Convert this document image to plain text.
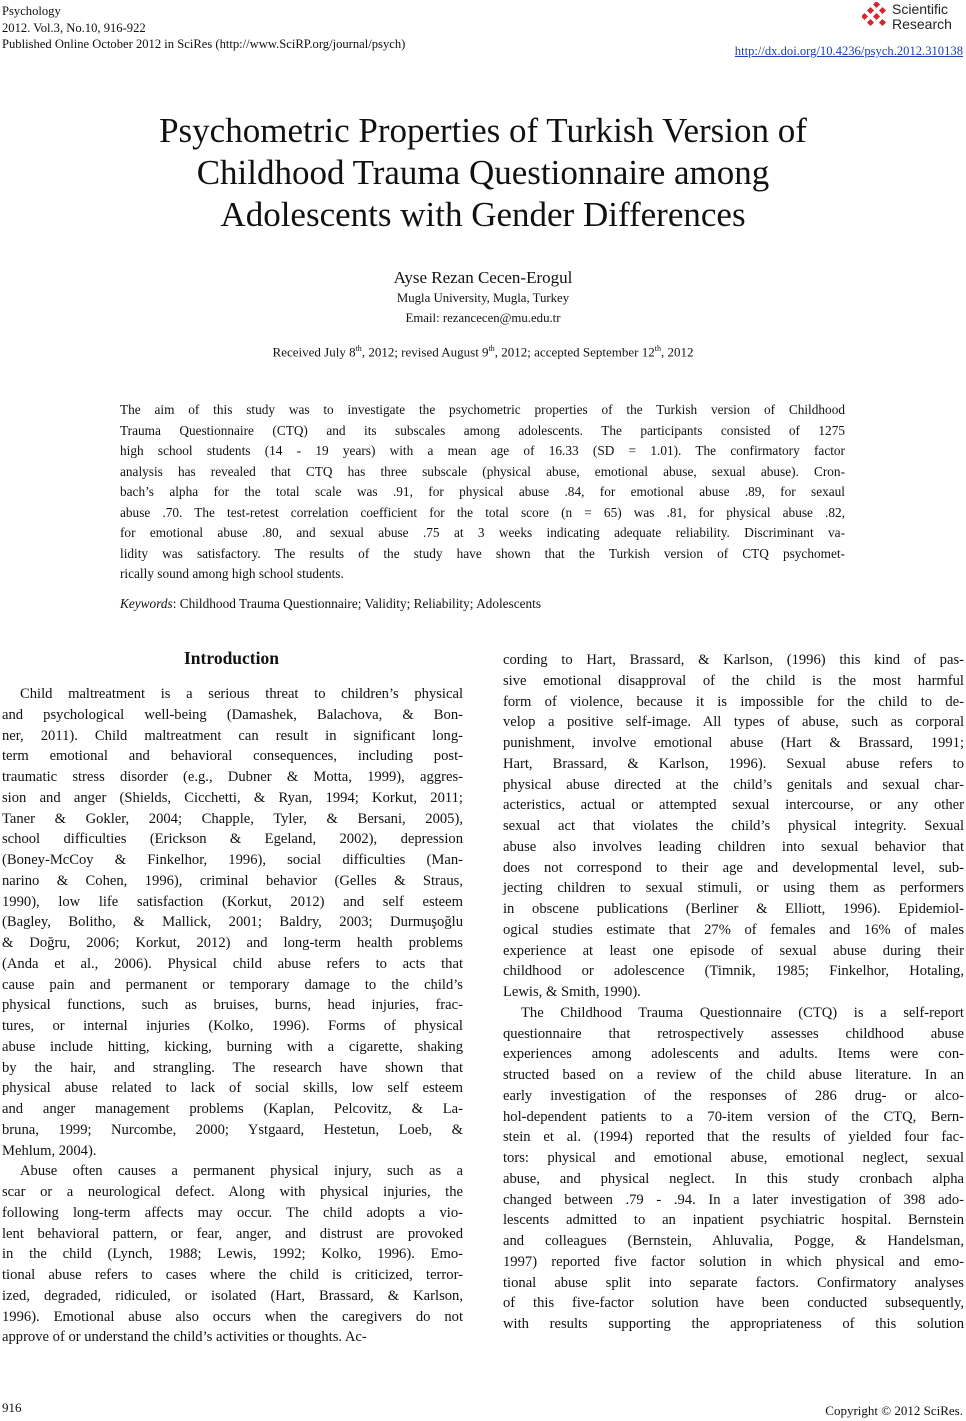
Psychology
2012. Vol.3, No.10, 916-922
Published Online October 2012 in SciRes (http://www.SciRP.org/journal/psych)
Scientific
Research
http://dx.doi.org/10.4236/psych.2012.310138
Psychometric Properties of Turkish Version of
Childhood Trauma Questionnaire among
Adolescents with Gender Differences
Ayse Rezan Cecen-Erogul
Mugla University, Mugla, Turkey
Email: rezancecen@mu.edu.tr
Received July 8th, 2012; revised August 9th, 2012; accepted September 12th, 2012
The aim of this study was to investigate the psychometric properties of the Turkish version of Childhood
Trauma Questionnaire (CTQ) and its subscales among adolescents. The participants consisted of 1275
high school students (14 - 19 years) with a mean age of 16.33 (SD = 1.01). The confirmatory factor
analysis has revealed that CTQ has three subscale (physical abuse, emotional abuse, sexual abuse). Cron-
bach’s alpha for the total scale was .91, for physical abuse .84, for emotional abuse .89, for sexaul
abuse .70. The test-retest correlation coefficient for the total score (n = 65) was .81, for physical abuse .82,
for emotional abuse .80, and sexual abuse .75 at 3 weeks indicating adequate reliability. Discriminant va-
lidity was satisfactory. The results of the study have shown that the Turkish version of CTQ psychomet-
rically sound among high school students.
Keywords: Childhood Trauma Questionnaire; Validity; Reliability; Adolescents
Introduction
Child maltreatment is a serious threat to children’s physical
and psychological well-being (Damashek, Balachova, & Bon-
ner, 2011). Child maltreatment can result in significant long-
term emotional and behavioral consequences, including post-
traumatic stress disorder (e.g., Dubner & Motta, 1999), aggres-
sion and anger (Shields, Cicchetti, & Ryan, 1994; Korkut, 2011;
Taner & Gokler, 2004; Chapple, Tyler, & Bersani, 2005),
school difficulties (Erickson & Egeland, 2002), depression
(Boney-McCoy & Finkelhor, 1996), social difficulties (Man-
narino & Cohen, 1996), criminal behavior (Gelles & Straus,
1990), low life satisfaction (Korkut, 2012) and self esteem
(Bagley, Bolitho, & Mallick, 2001; Baldry, 2003; Durmuşoğlu
& Doğru, 2006; Korkut, 2012) and long-term health problems
(Anda et al., 2006). Physical child abuse refers to acts that
cause pain and permanent or temporary damage to the child’s
physical functions, such as bruises, burns, head injuries, frac-
tures, or internal injuries (Kolko, 1996). Forms of physical
abuse include hitting, kicking, burning with a cigarette, shaking
by the hair, and strangling. The research have shown that
physical abuse related to lack of social skills, low self esteem
and anger management problems (Kaplan, Pelcovitz, & La-
bruna, 1999; Nurcombe, 2000; Ystgaard, Hestetun, Loeb, &
Mehlum, 2004).
Abuse often causes a permanent physical injury, such as a
scar or a neurological defect. Along with physical injuries, the
following long-term affects may occur. The child adopts a vio-
lent behavioral pattern, or fear, anger, and distrust are provoked
in the child (Lynch, 1988; Lewis, 1992; Kolko, 1996). Emo-
tional abuse refers to cases where the child is criticized, terror-
ized, degraded, ridiculed, or isolated (Hart, Brassard, & Karlson,
1996). Emotional abuse also occurs when the caregivers do not
approve of or understand the child’s activities or thoughts. Ac-
cording to Hart, Brassard, & Karlson, (1996) this kind of pas-
sive emotional disapproval of the child is the most harmful
form of violence, because it is impossible for the child to de-
velop a positive self-image. All types of abuse, such as corporal
punishment, involve emotional abuse (Hart & Brassard, 1991;
Hart, Brassard, & Karlson, 1996). Sexual abuse refers to
physical abuse directed at the child’s genitals and sexual char-
acteristics, actual or attempted sexual intercourse, or any other
sexual act that violates the child’s physical integrity. Sexual
abuse also involves leading children into sexual behavior that
does not correspond to their age and developmental level, sub-
jecting children to sexual stimuli, or using them as performers
in obscene publications (Berliner & Elliott, 1996). Epidemiol-
ogical studies estimate that 27% of females and 16% of males
experience at least one episode of sexual abuse during their
childhood or adolescence (Timnik, 1985; Finkelhor, Hotaling,
Lewis, & Smith, 1990).
The Childhood Trauma Questionnaire (CTQ) is a self-report
questionnaire that retrospectively assesses childhood abuse
experiences among adolescents and adults. Items were con-
structed based on a review of the child abuse literature. In an
early investigation of the responses of 286 drug- or alco-
hol-dependent patients to a 70-item version of the CTQ, Bern-
stein et al. (1994) reported that the results of yielded four fac-
tors: physical and emotional abuse, emotional neglect, sexual
abuse, and physical neglect. In this study cronbach alpha
changed between .79 - .94. In a later investigation of 398 ado-
lescents admitted to an inpatient psychiatric hospital. Bernstein
and colleagues (Bernstein, Ahluvalia, Pogge, & Handelsman,
1997) reported five factor solution in which physical and emo-
tional abuse split into separate factors. Confirmatory analyses
of this five-factor solution have been conducted subsequently,
with results supporting the appropriateness of this solution
916	Copyright © 2012 SciRes.
